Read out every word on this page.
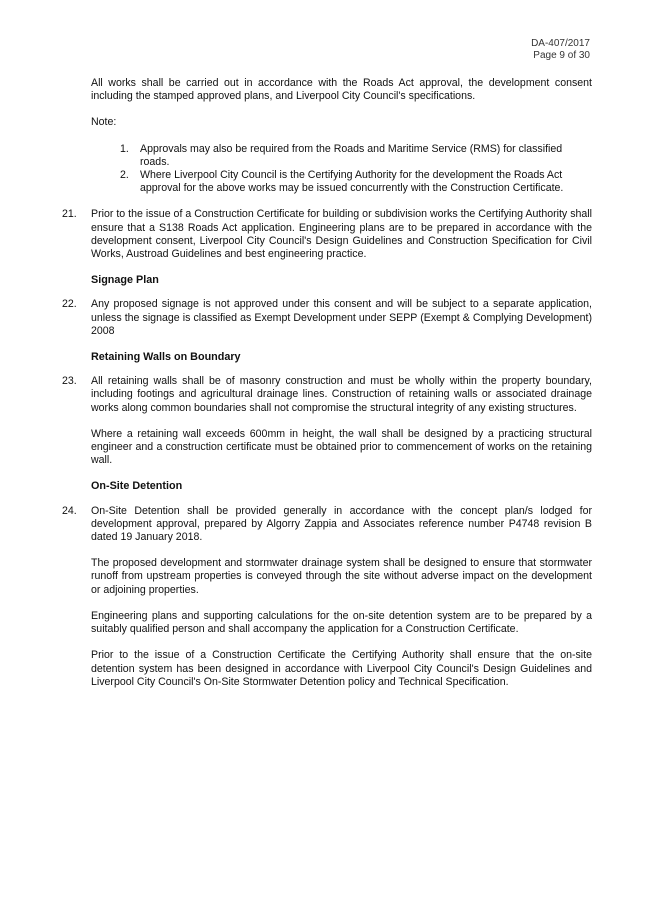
DA-407/2017
Page 9 of 30

All works shall be carried out in accordance with the Roads Act approval, the development consent including the stamped approved plans, and Liverpool City Council's specifications.

Note:

1. Approvals may also be required from the Roads and Maritime Service (RMS) for classified roads.
2. Where Liverpool City Council is the Certifying Authority for the development the Roads Act approval for the above works may be issued concurrently with the Construction Certificate.
21. Prior to the issue of a Construction Certificate for building or subdivision works the Certifying Authority shall ensure that a S138 Roads Act application. Engineering plans are to be prepared in accordance with the development consent, Liverpool City Council's Design Guidelines and Construction Specification for Civil Works, Austroad Guidelines and best engineering practice.

Signage Plan

22. Any proposed signage is not approved under this consent and will be subject to a separate application, unless the signage is classified as Exempt Development under SEPP (Exempt & Complying Development) 2008

Retaining Walls on Boundary

23. All retaining walls shall be of masonry construction and must be wholly within the property boundary, including footings and agricultural drainage lines. Construction of retaining walls or associated drainage works along common boundaries shall not compromise the structural integrity of any existing structures.

Where a retaining wall exceeds 600mm in height, the wall shall be designed by a practicing structural engineer and a construction certificate must be obtained prior to commencement of works on the retaining wall.

On-Site Detention

24. On-Site Detention shall be provided generally in accordance with the concept plan/s lodged for development approval, prepared by Algorry Zappia and Associates reference number P4748 revision B dated 19 January 2018.

The proposed development and stormwater drainage system shall be designed to ensure that stormwater runoff from upstream properties is conveyed through the site without adverse impact on the development or adjoining properties.

Engineering plans and supporting calculations for the on-site detention system are to be prepared by a suitably qualified person and shall accompany the application for a Construction Certificate.

Prior to the issue of a Construction Certificate the Certifying Authority shall ensure that the on-site detention system has been designed in accordance with Liverpool City Council's Design Guidelines and Liverpool City Council's On-Site Stormwater Detention policy and Technical Specification.
